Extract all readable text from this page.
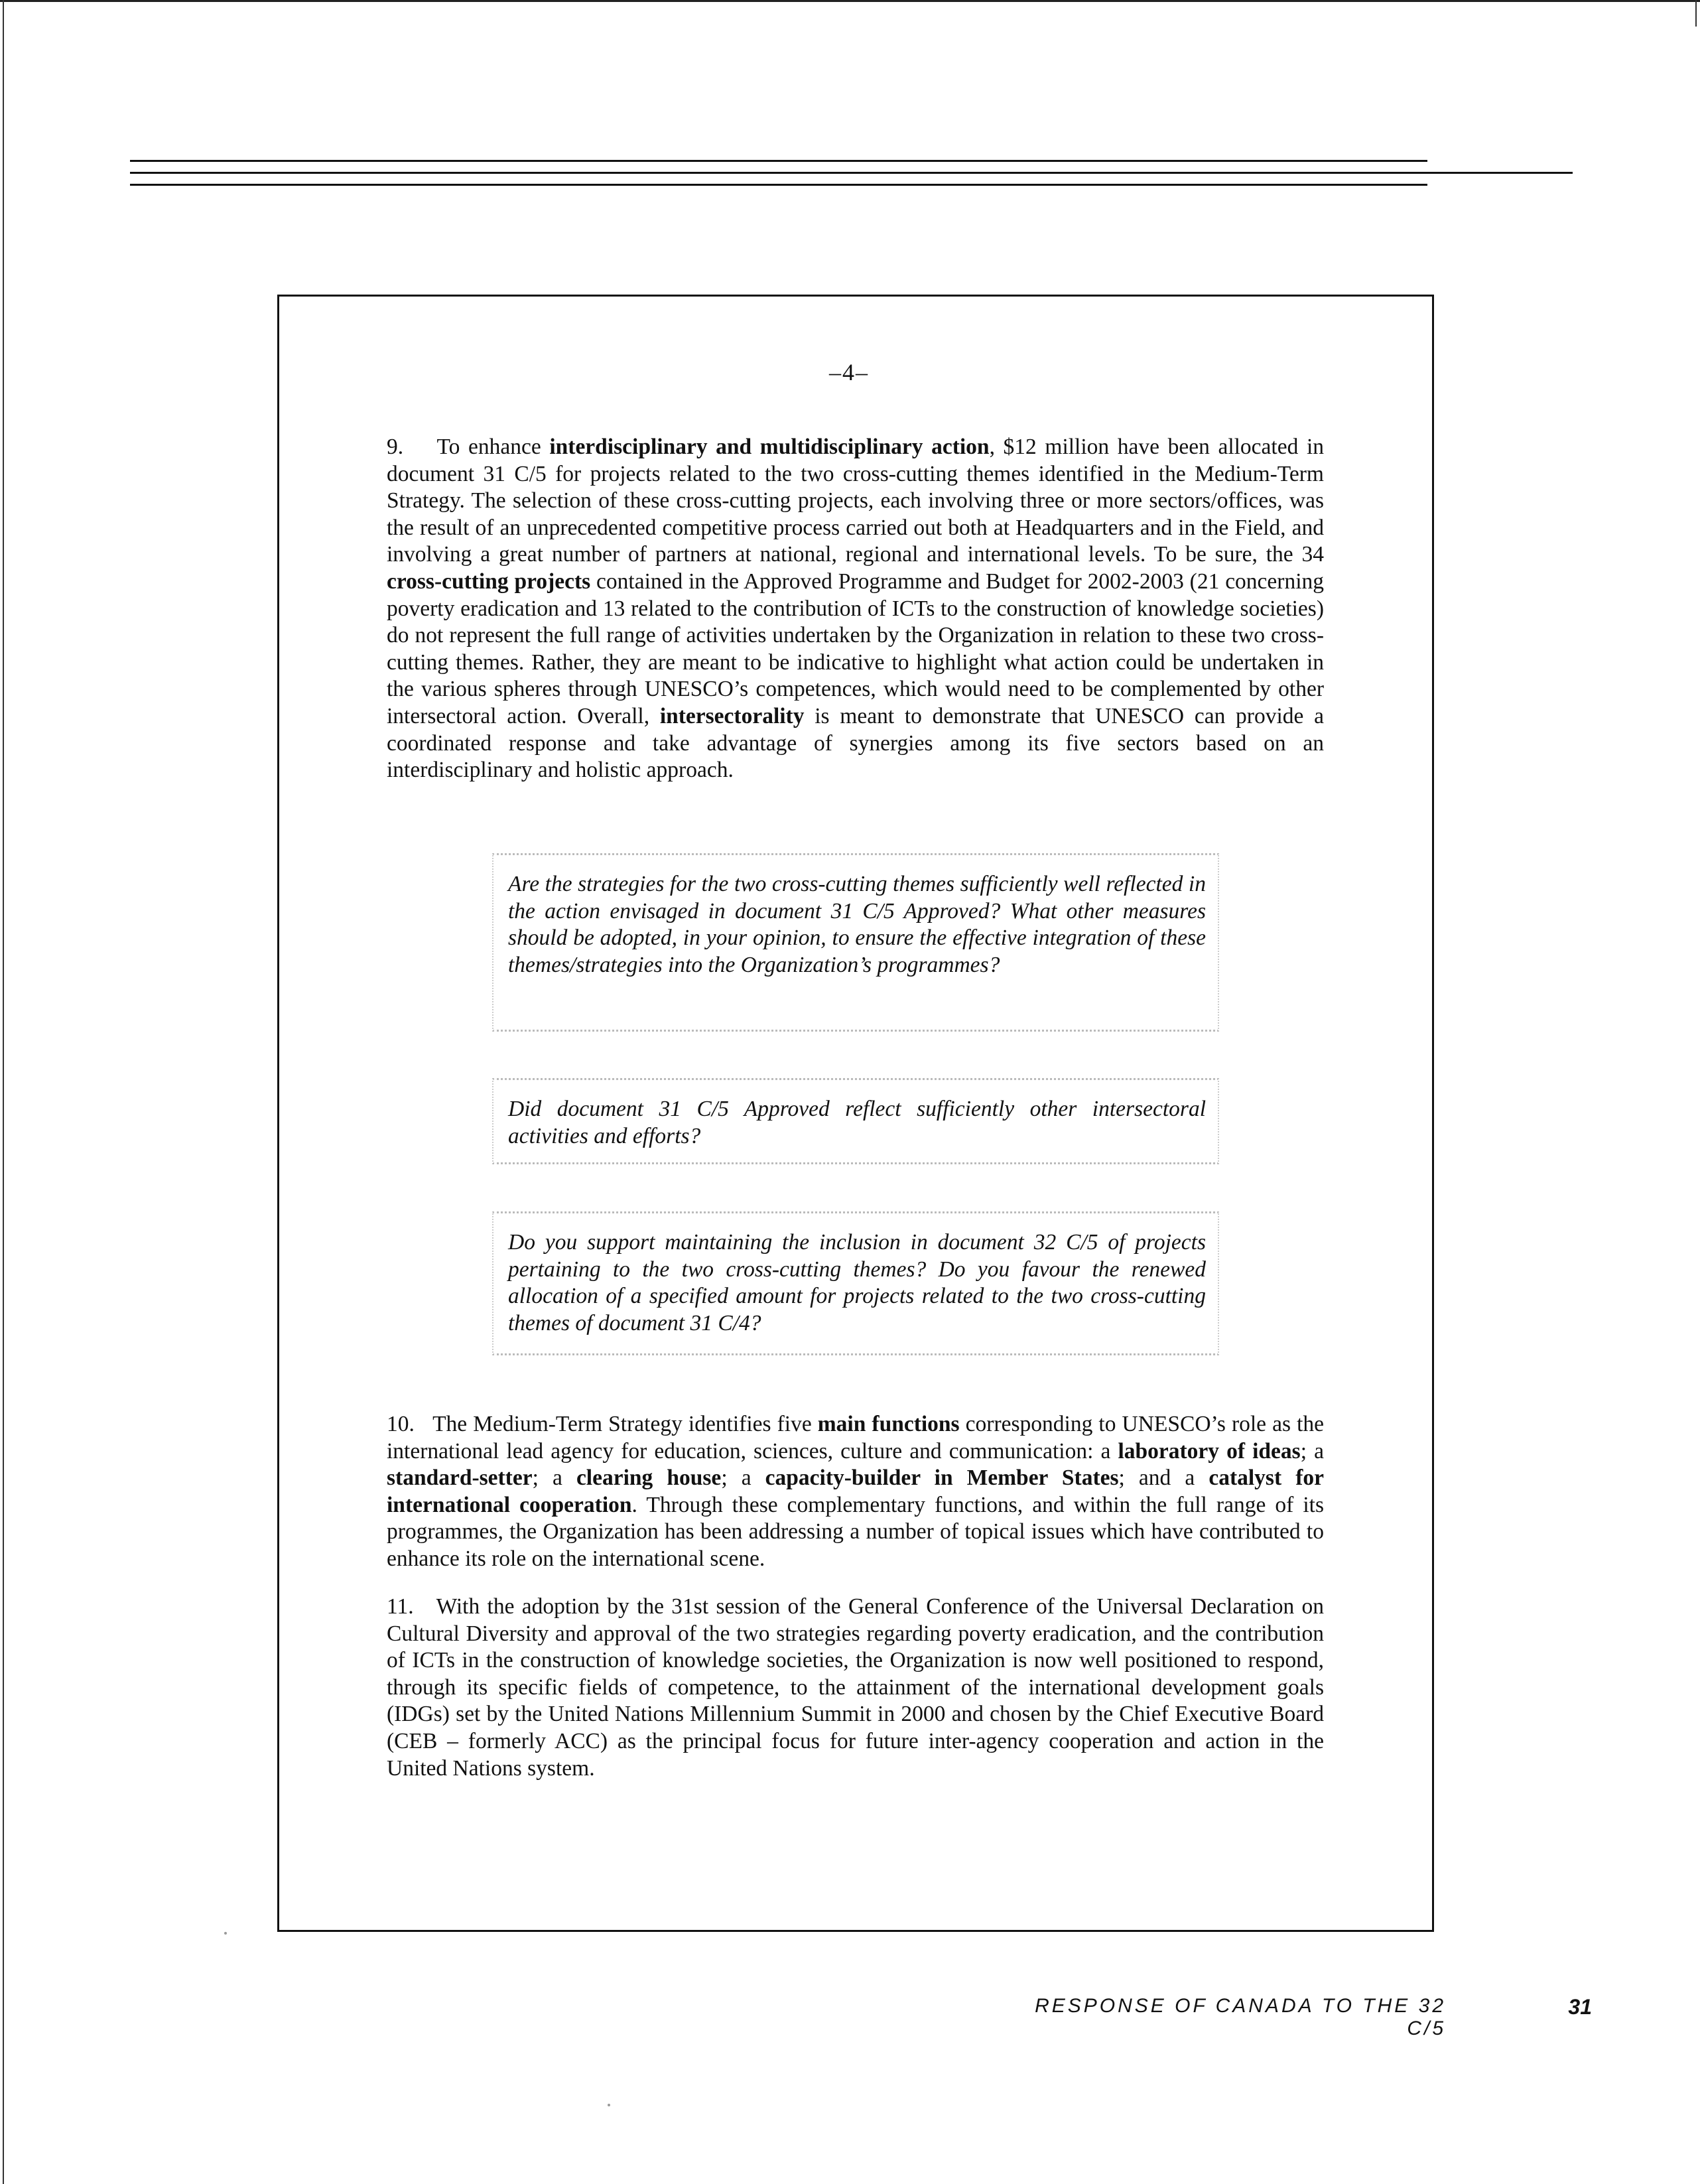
–4–
9. To enhance interdisciplinary and multidisciplinary action, $12 million have been allocated in document 31 C/5 for projects related to the two cross-cutting themes identified in the Medium-Term Strategy. The selection of these cross-cutting projects, each involving three or more sectors/offices, was the result of an unprecedented competitive process carried out both at Headquarters and in the Field, and involving a great number of partners at national, regional and international levels. To be sure, the 34 cross-cutting projects contained in the Approved Programme and Budget for 2002-2003 (21 concerning poverty eradication and 13 related to the contribution of ICTs to the construction of knowledge societies) do not represent the full range of activities undertaken by the Organization in relation to these two cross-cutting themes. Rather, they are meant to be indicative to highlight what action could be undertaken in the various spheres through UNESCO’s competences, which would need to be complemented by other intersectoral action. Overall, intersectorality is meant to demonstrate that UNESCO can provide a coordinated response and take advantage of synergies among its five sectors based on an interdisciplinary and holistic approach.
Are the strategies for the two cross-cutting themes sufficiently well reflected in the action envisaged in document 31 C/5 Approved? What other measures should be adopted, in your opinion, to ensure the effective integration of these themes/strategies into the Organization’s programmes?
Did document 31 C/5 Approved reflect sufficiently other intersectoral activities and efforts?
Do you support maintaining the inclusion in document 32 C/5 of projects pertaining to the two cross-cutting themes? Do you favour the renewed allocation of a specified amount for projects related to the two cross-cutting themes of document 31 C/4?
10. The Medium-Term Strategy identifies five main functions corresponding to UNESCO’s role as the international lead agency for education, sciences, culture and communication: a laboratory of ideas; a standard-setter; a clearing house; a capacity-builder in Member States; and a catalyst for international cooperation. Through these complementary functions, and within the full range of its programmes, the Organization has been addressing a number of topical issues which have contributed to enhance its role on the international scene.
11. With the adoption by the 31st session of the General Conference of the Universal Declaration on Cultural Diversity and approval of the two strategies regarding poverty eradication, and the contribution of ICTs in the construction of knowledge societies, the Organization is now well positioned to respond, through its specific fields of competence, to the attainment of the international development goals (IDGs) set by the United Nations Millennium Summit in 2000 and chosen by the Chief Executive Board (CEB – formerly ACC) as the principal focus for future inter-agency cooperation and action in the United Nations system.
RESPONSE OF CANADA TO THE 32 C/5
31
